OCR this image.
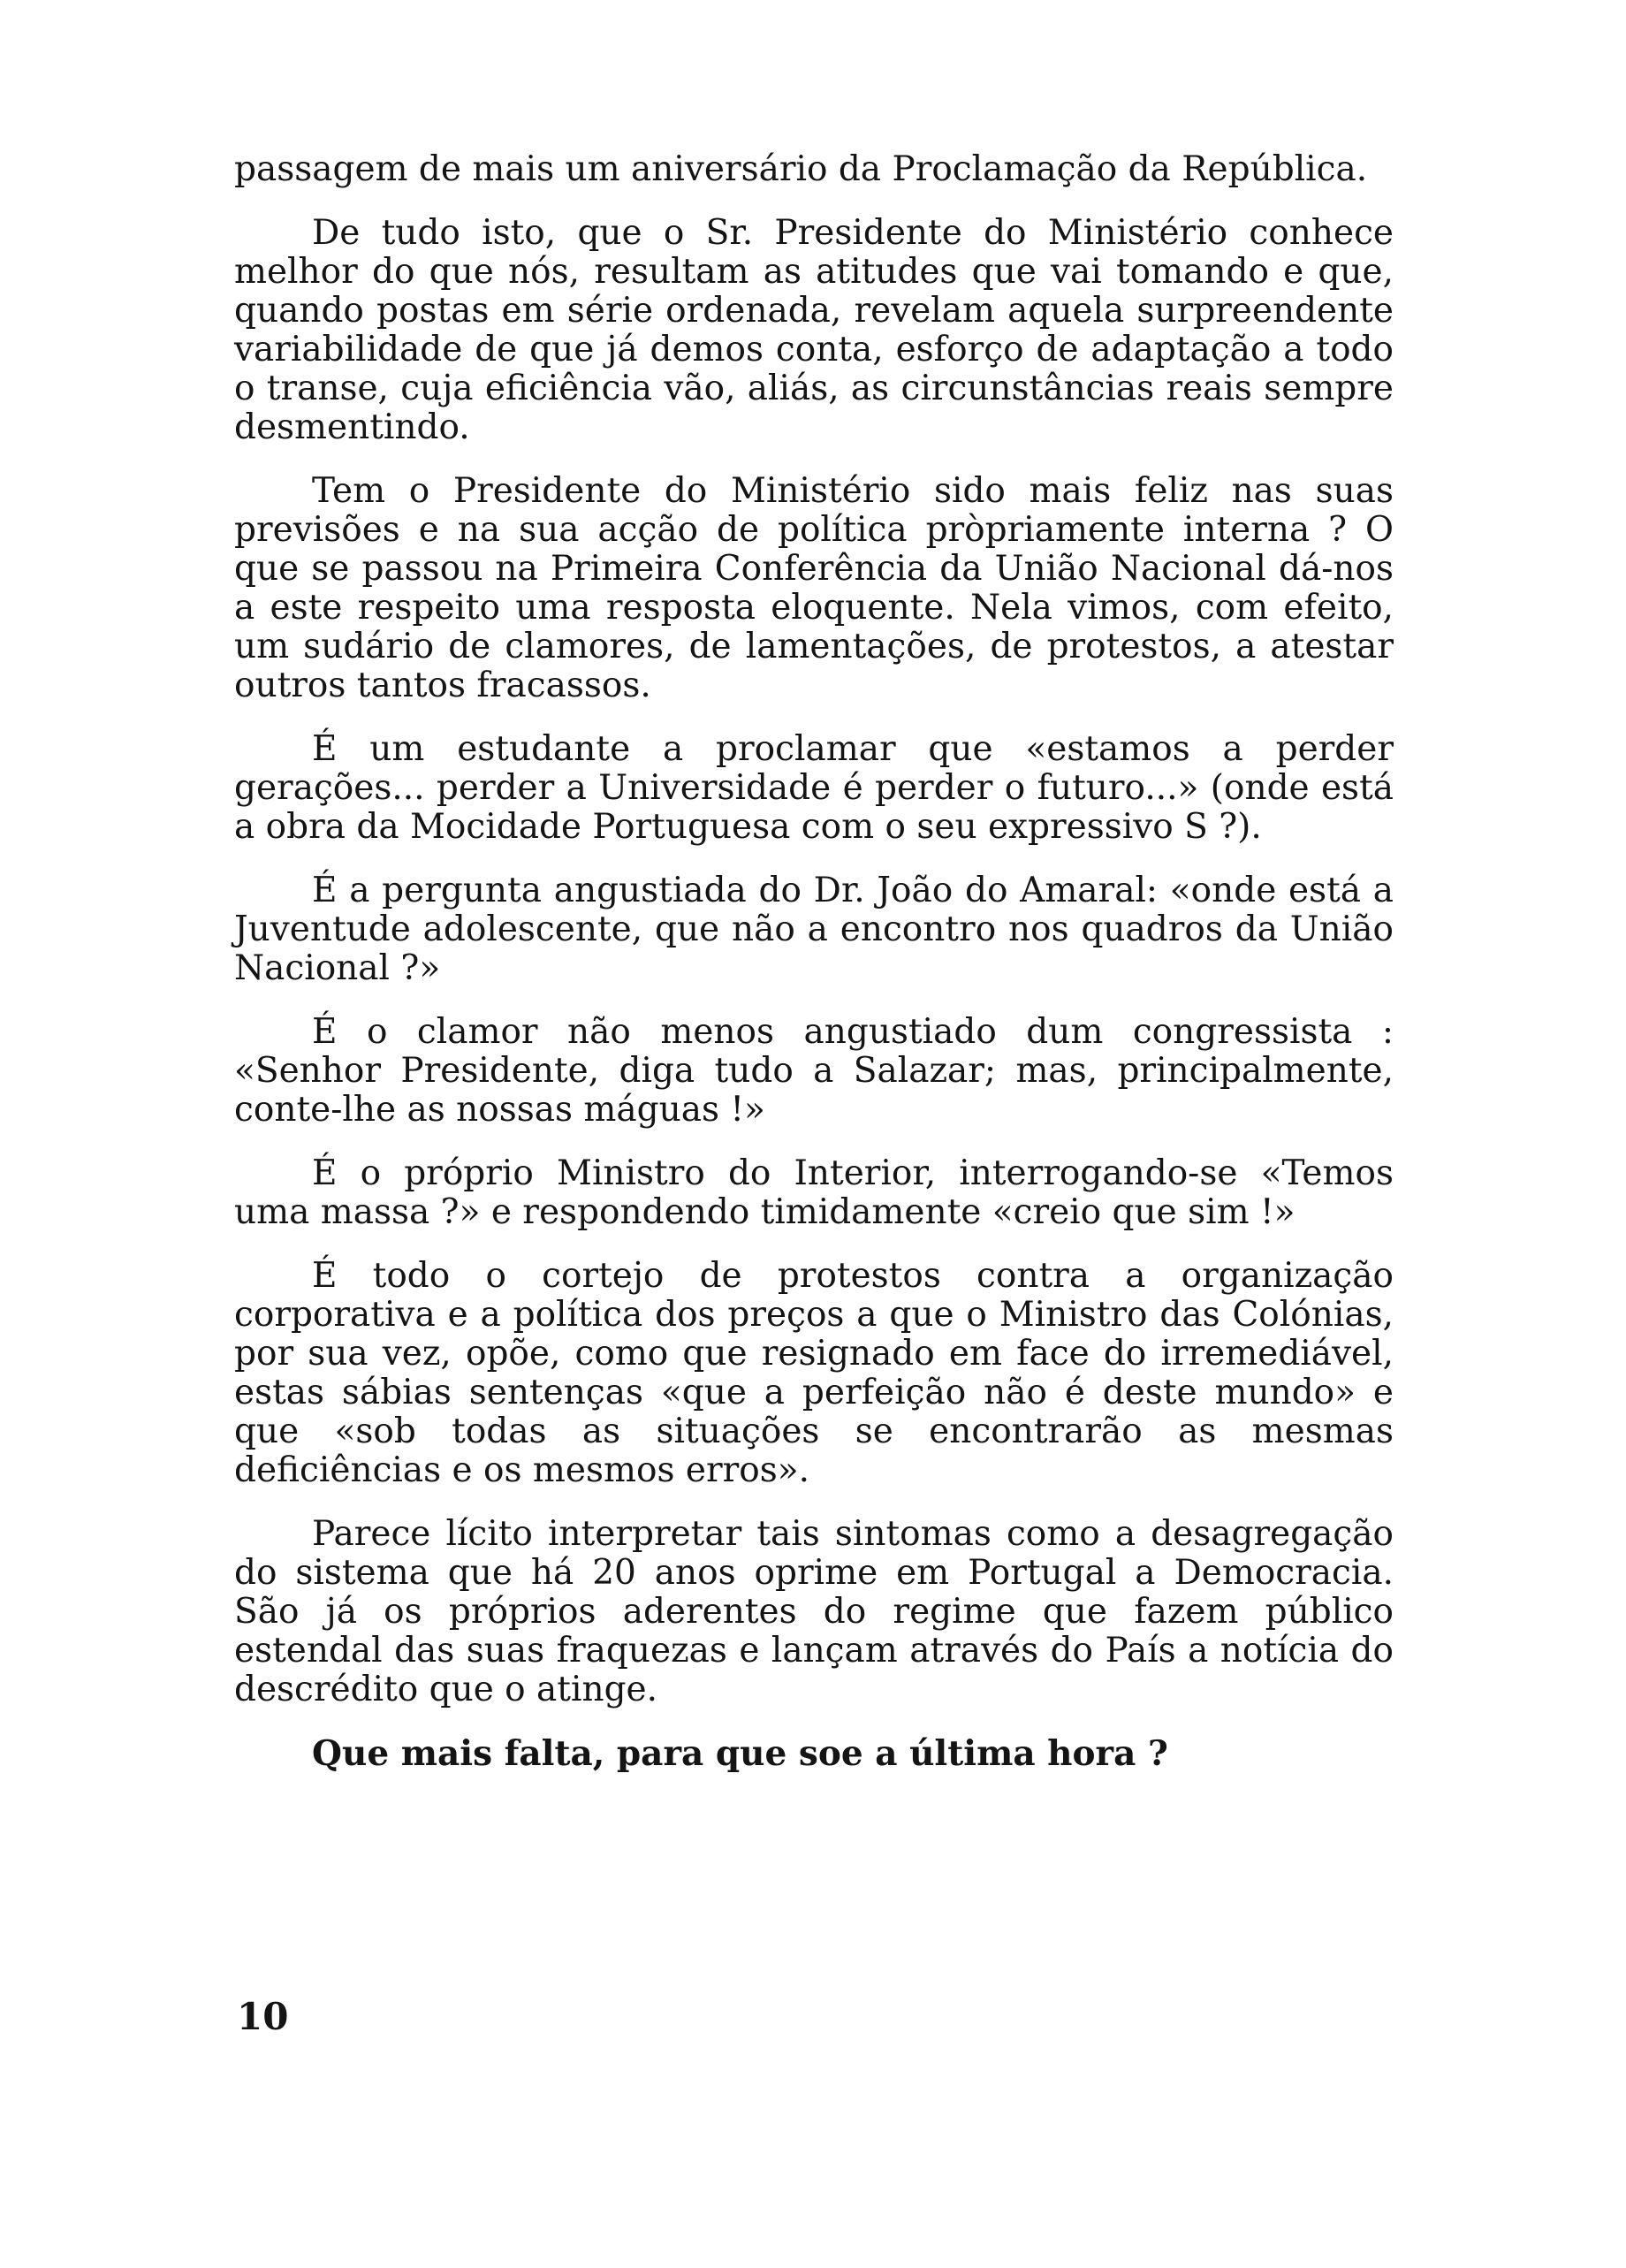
passagem de mais um aniversário da Proclamação da República.

De tudo isto, que o Sr. Presidente do Ministério conhece melhor do que nós, resultam as atitudes que vai tomando e que, quando postas em série ordenada, revelam aquela surpreendente variabilidade de que já demos conta, esforço de adaptação a todo o transe, cuja eficiência vão, aliás, as circunstâncias reais sempre desmentindo.

Tem o Presidente do Ministério sido mais feliz nas suas previsões e na sua acção de política pròpriamente interna ? O que se passou na Primeira Conferência da União Nacional dá-nos a este respeito uma resposta eloquente. Nela vimos, com efeito, um sudário de clamores, de lamentações, de protestos, a atestar outros tantos fracassos.

É um estudante a proclamar que «estamos a perder gerações... perder a Universidade é perder o futuro...» (onde está a obra da Mocidade Portuguesa com o seu expressivo S ?).

É a pergunta angustiada do Dr. João do Amaral: «onde está a Juventude adolescente, que não a encontro nos quadros da União Nacional ?»

É o clamor não menos angustiado dum congressista : «Senhor Presidente, diga tudo a Salazar; mas, principalmente, conte-lhe as nossas máguas !»

É o próprio Ministro do Interior, interrogando-se «Temos uma massa ?» e respondendo timidamente «creio que sim !»

É todo o cortejo de protestos contra a organização corporativa e a política dos preços a que o Ministro das Colónias, por sua vez, opõe, como que resignado em face do irremediável, estas sábias sentenças «que a perfeição não é deste mundo» e que «sob todas as situações se encontrarão as mesmas deficiências e os mesmos erros».

Parece lícito interpretar tais sintomas como a desagregação do sistema que há 20 anos oprime em Portugal a Democracia. São já os próprios aderentes do regime que fazem público estendal das suas fraquezas e lançam através do País a notícia do descrédito que o atinge.

Que mais falta, para que soe a última hora ?

10
